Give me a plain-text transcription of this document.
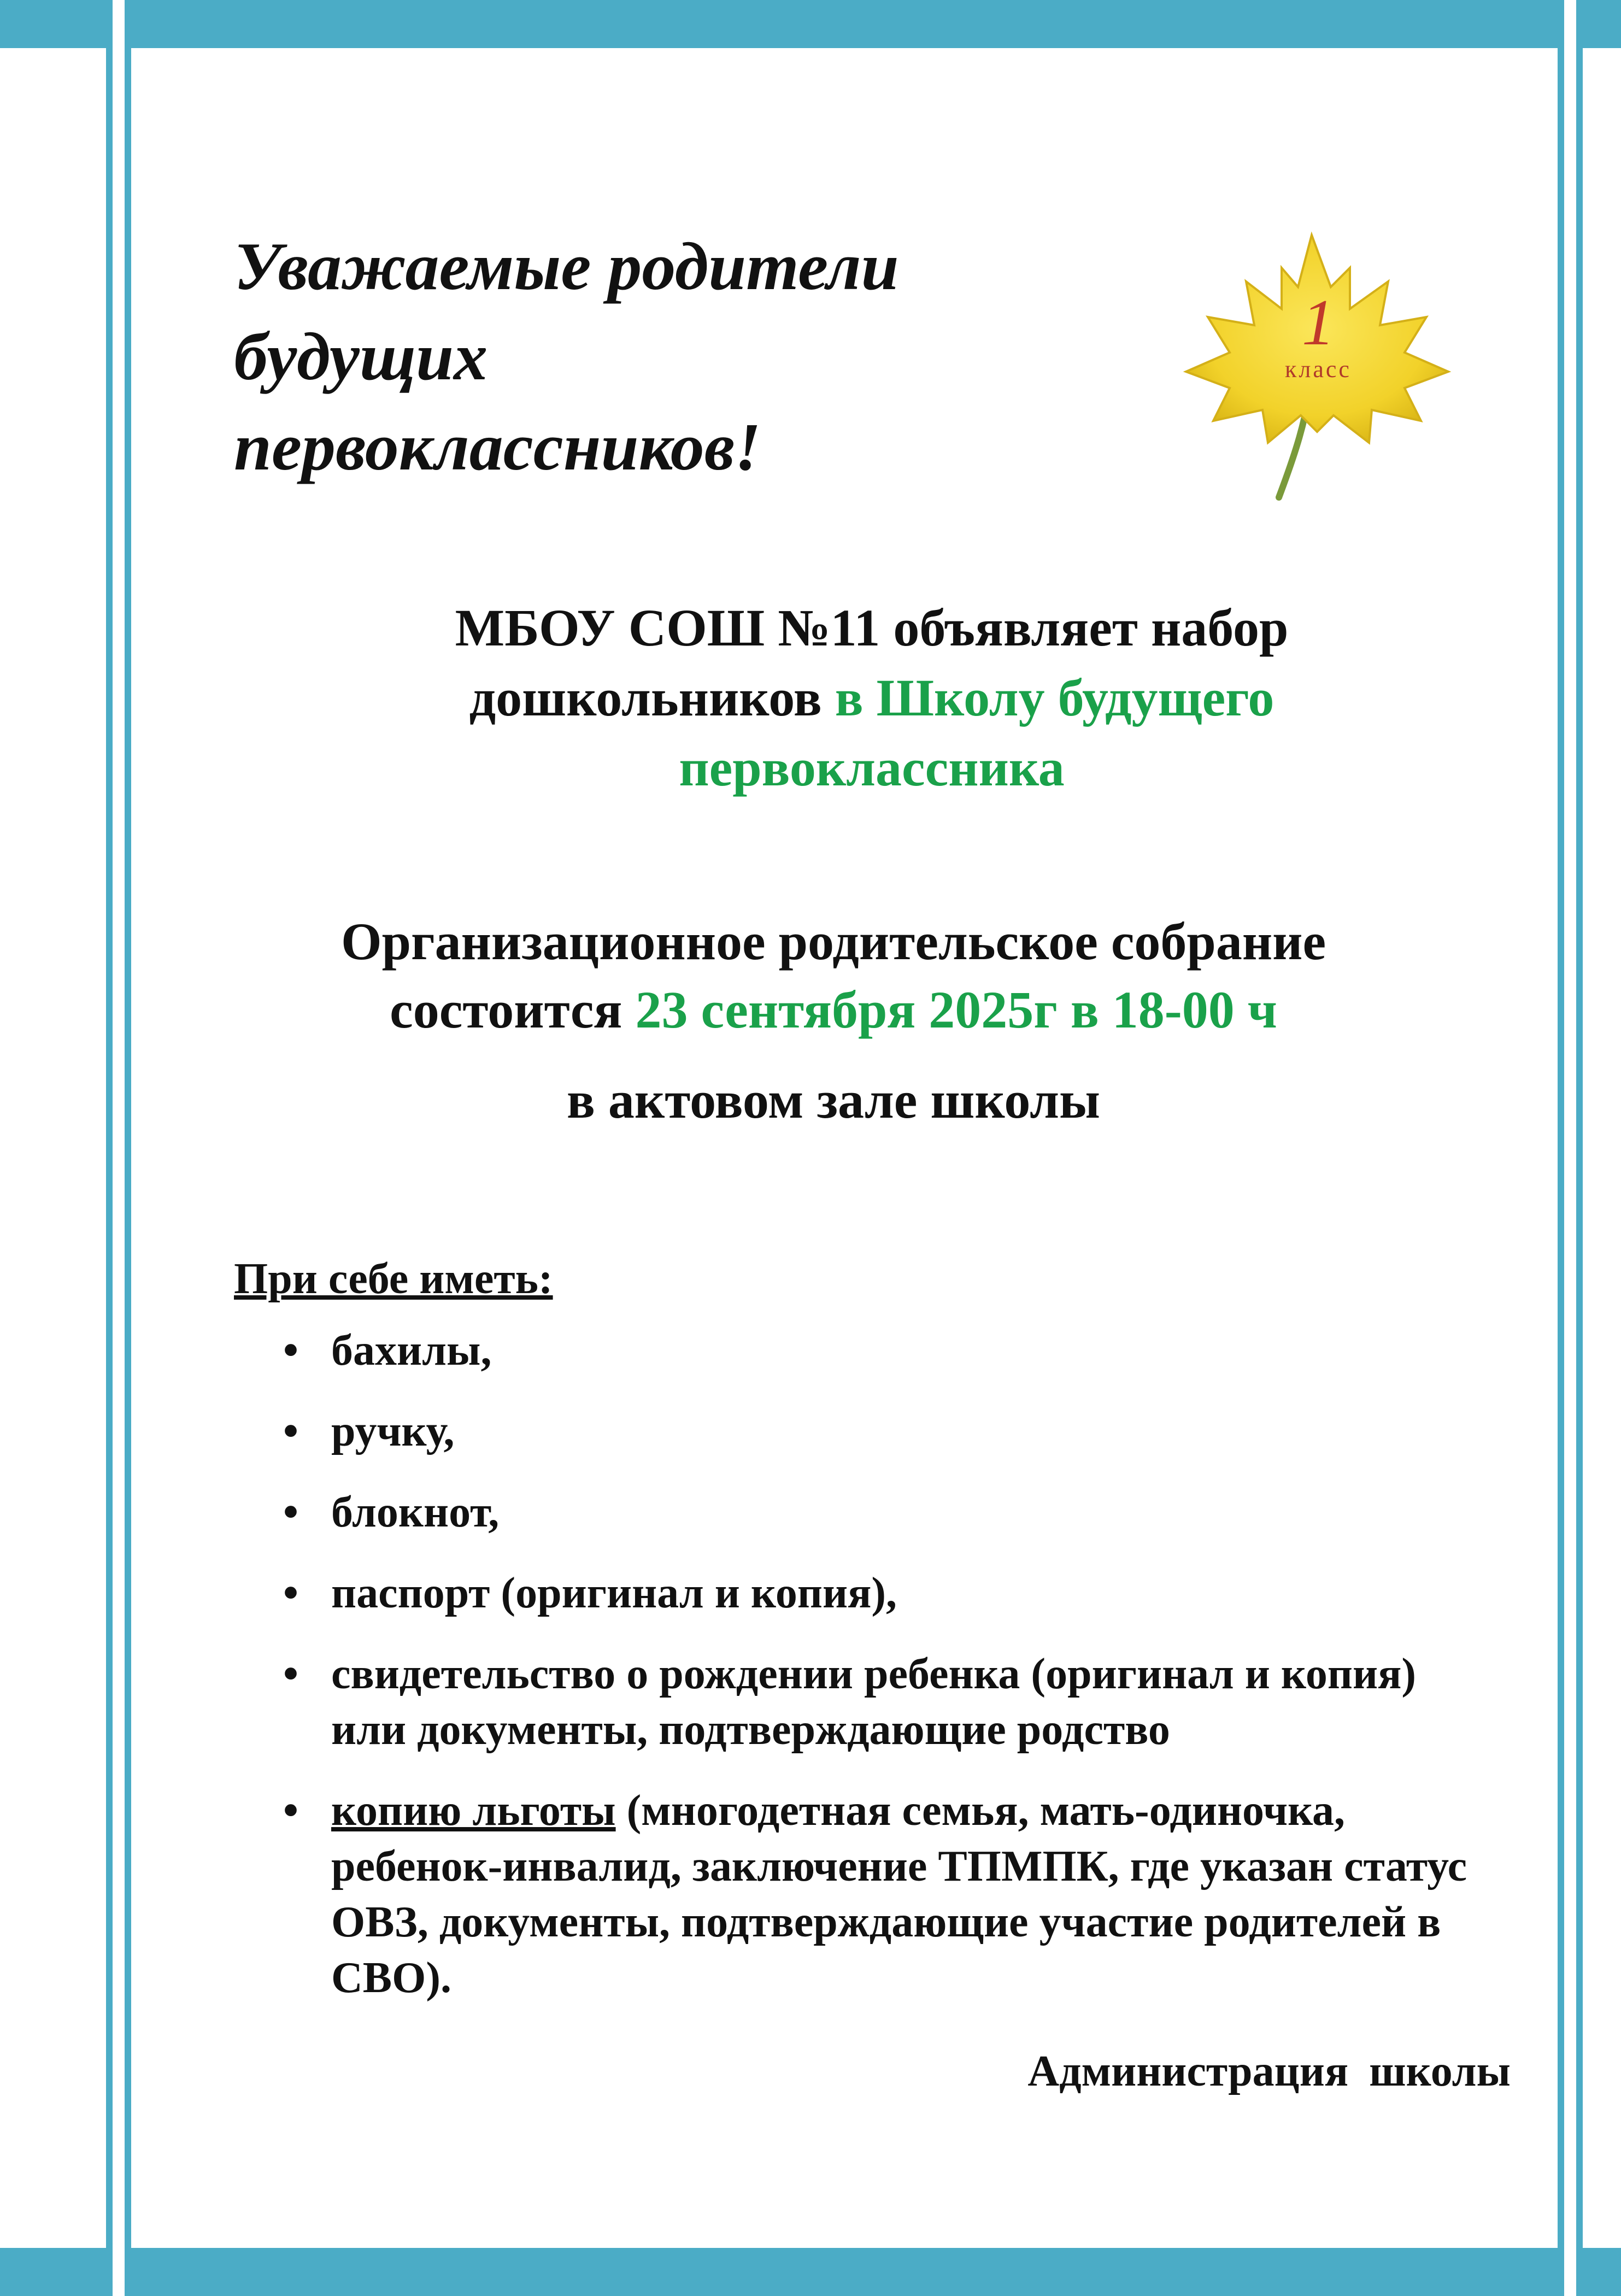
Уважаемые родители
будущих
первоклассников!
1
класс

МБОУ СОШ №11 объявляет набор
дошкольников в Школу будущего
первоклассника

Организационное родительское собрание
состоится 23 сентября 2025г в 18-00 ч

в актовом зале школы

При себе иметь:

• бахилы,
• ручку,
• блокнот,
• паспорт (оригинал и копия),
• свидетельство о рождении ребенка (оригинал и копия) или документы, подтверждающие родство
• копию льготы (многодетная семья, мать-одиночка, ребенок-инвалид, заключение ТПМПК, где указан статус ОВЗ, документы, подтверждающие участие родителей в СВО).

Администрация школы
